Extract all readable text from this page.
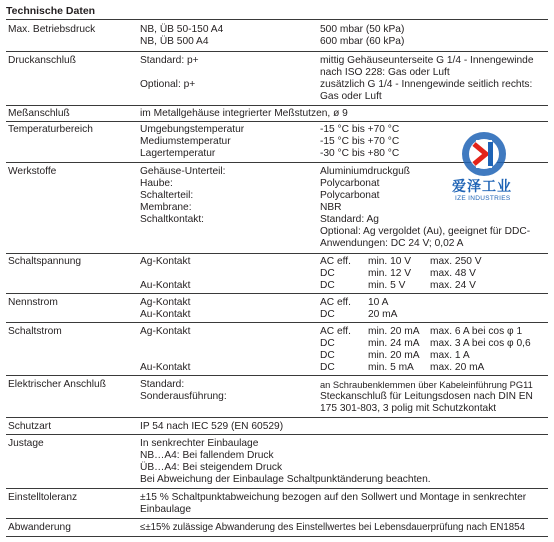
Technische Daten
Max. Betriebsdruck	NB, ÜB 50-150 A4	500 mbar (50 kPa)
NB, ÜB 500 A4	600 mbar (60 kPa)
Druckanschluß	Standard: p+	mittig Gehäuseunterseite G 1/4 - Innengewinde
nach ISO 228: Gas oder Luft
Optional: p+	zusätzlich G 1/4 - Innengewinde seitlich rechts:
Gas oder Luft
Meßanschluß	im Metallgehäuse integrierter Meßstutzen, ø 9
Temperaturbereich	Umgebungstemperatur	-15 °C bis +70 °C
Mediumstemperatur	-15 °C bis +70 °C
Lagertemperatur	-30 °C bis +80 °C
Werkstoffe	Gehäuse-Unterteil:	Aluminiumdruckguß
Haube:	Polycarbonat
Schalterteil:	Polycarbonat
Membrane:	NBR
Schaltkontakt:	Standard: Ag
Optional: Ag vergoldet (Au), geeignet für DDC-
Anwendungen: DC 24 V; 0,02 A
Schaltspannung	Ag-Kontakt	AC eff. min. 10 V max. 250 V
DC	min. 12 V max. 48 V
Au-Kontakt	DC	min. 5 V max. 24 V
Nennstrom	Ag-Kontakt	AC eff. 10 A
Au-Kontakt	DC	20 mA
Schaltstrom	Ag-Kontakt	AC eff. min. 20 mA max. 6 A bei cos φ 1
DC	min. 24 mA max. 3 A bei cos φ 0,6
DC	min. 20 mA max. 1 A
Au-Kontakt	DC	min. 5 mA max. 20 mA
Elektrischer Anschluß	Standard:	an Schraubenklemmen über Kabeleinführung PG11
Sonderausführung:	Steckanschluß für Leitungsdosen nach DIN EN
175 301-803, 3 polig mit Schutzkontakt
Schutzart	IP 54 nach IEC 529 (EN 60529)
Justage	In senkrechter Einbaulage
NB…A4: Bei fallendem Druck
ÜB…A4: Bei steigendem Druck
Bei Abweichung der Einbaulage Schaltpunktänderung beachten.
Einstelltoleranz	±15 % Schaltpunktabweichung bezogen auf den Sollwert und Montage in senkrechter
Einbaulage
Abwanderung	≤±15% zulässige Abwanderung des Einstellwertes bei Lebensdauerprüfung nach EN1854
爱泽工业
IZE INDUSTRIES
